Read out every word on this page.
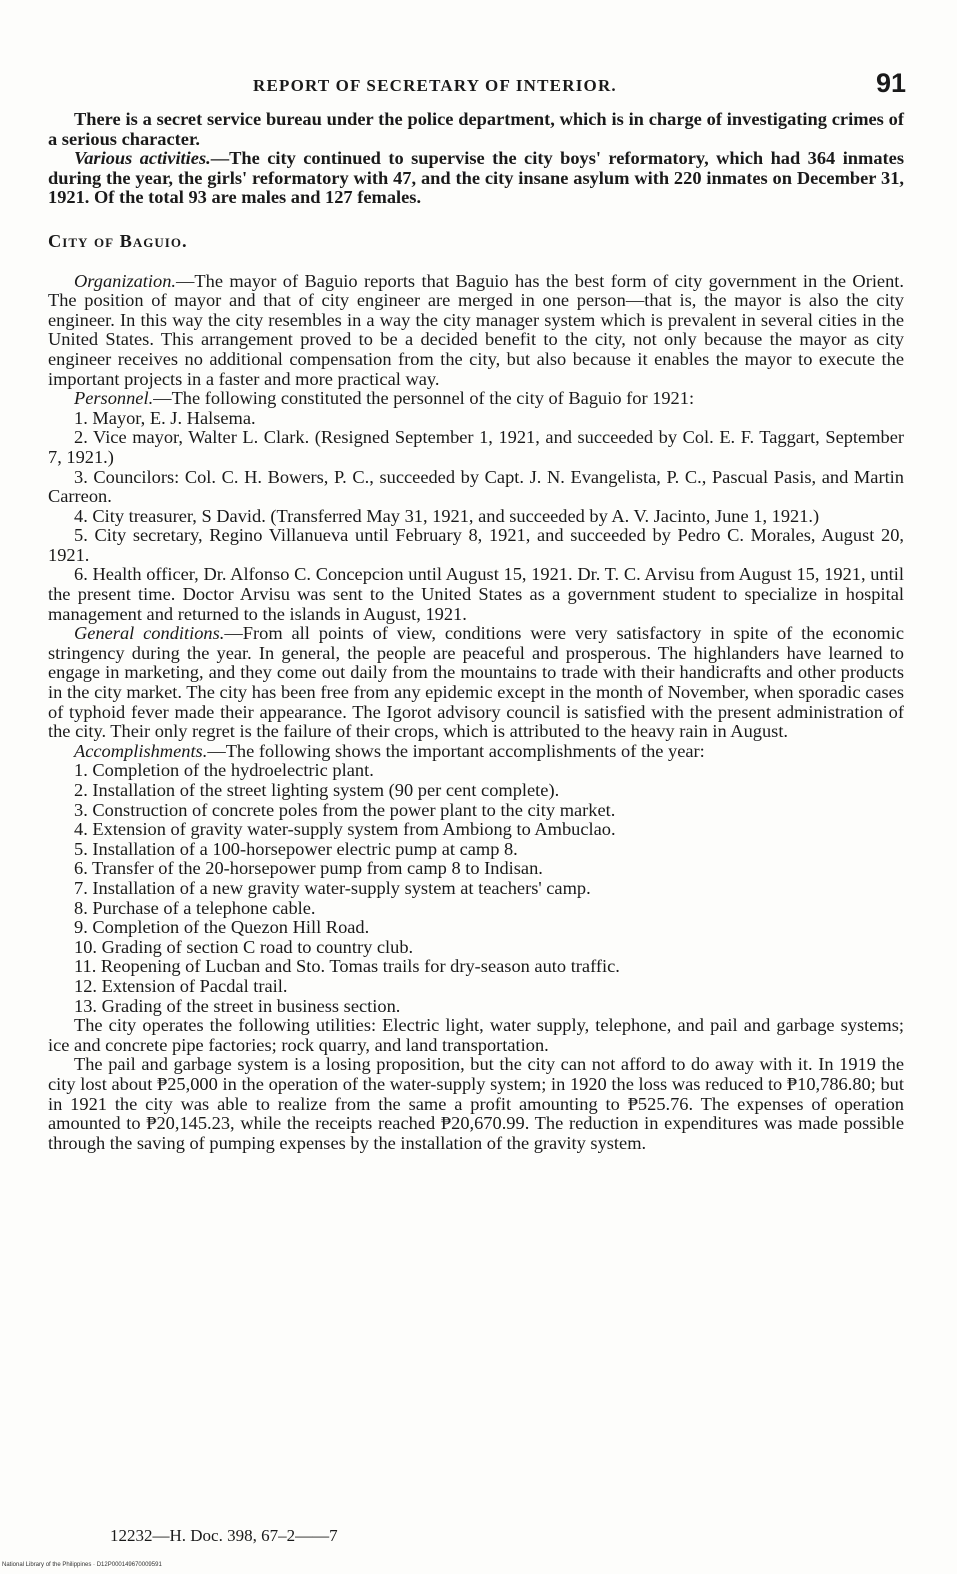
REPORT OF SECRETARY OF INTERIOR.	91

There is a secret service bureau under the police department, which is in charge of investigating crimes of a serious character.

Various activities.—The city continued to supervise the city boys' reformatory, which had 364 inmates during the year, the girls' reformatory with 47, and the city insane asylum with 220 inmates on December 31, 1921. Of the total 93 are males and 127 females.

City of Baguio.

Organization.—The mayor of Baguio reports that Baguio has the best form of city government in the Orient. The position of mayor and that of city engineer are merged in one person—that is, the mayor is also the city engineer. In this way the city resembles in a way the city manager system which is prevalent in several cities in the United States. This arrangement proved to be a decided benefit to the city, not only because the mayor as city engineer receives no additional compensation from the city, but also because it enables the mayor to execute the important projects in a faster and more practical way.

Personnel.—The following constituted the personnel of the city of Baguio for 1921:

1. Mayor, E. J. Halsema.

2. Vice mayor, Walter L. Clark. (Resigned September 1, 1921, and succeeded by Col. E. F. Taggart, September 7, 1921.)

3. Councilors: Col. C. H. Bowers, P. C., succeeded by Capt. J. N. Evangelista, P. C., Pascual Pasis, and Martin Carreon.

4. City treasurer, S David. (Transferred May 31, 1921, and succeeded by A. V. Jacinto, June 1, 1921.)

5. City secretary, Regino Villanueva until February 8, 1921, and succeeded by Pedro C. Morales, August 20, 1921.

6. Health officer, Dr. Alfonso C. Concepcion until August 15, 1921. Dr. T. C. Arvisu from August 15, 1921, until the present time. Doctor Arvisu was sent to the United States as a government student to specialize in hospital management and returned to the islands in August, 1921.

General conditions.—From all points of view, conditions were very satisfactory in spite of the economic stringency during the year. In general, the people are peaceful and prosperous. The highlanders have learned to engage in marketing, and they come out daily from the mountains to trade with their handicrafts and other products in the city market. The city has been free from any epidemic except in the month of November, when sporadic cases of typhoid fever made their appearance. The Igorot advisory council is satisfied with the present administration of the city. Their only regret is the failure of their crops, which is attributed to the heavy rain in August.

Accomplishments.—The following shows the important accomplishments of the year:

1. Completion of the hydroelectric plant.

2. Installation of the street lighting system (90 per cent complete).

3. Construction of concrete poles from the power plant to the city market.

4. Extension of gravity water-supply system from Ambiong to Ambuclao.

5. Installation of a 100-horsepower electric pump at camp 8.

6. Transfer of the 20-horsepower pump from camp 8 to Indisan.

7. Installation of a new gravity water-supply system at teachers' camp.

8. Purchase of a telephone cable.

9. Completion of the Quezon Hill Road.

10. Grading of section C road to country club.

11. Reopening of Lucban and Sto. Tomas trails for dry-season auto traffic.

12. Extension of Pacdal trail.

13. Grading of the street in business section.

The city operates the following utilities: Electric light, water supply, telephone, and pail and garbage systems; ice and concrete pipe factories; rock quarry, and land transportation.

The pail and garbage system is a losing proposition, but the city can not afford to do away with it. In 1919 the city lost about ₱25,000 in the operation of the water-supply system; in 1920 the loss was reduced to ₱10,786.80; but in 1921 the city was able to realize from the same a profit amounting to ₱525.76. The expenses of operation amounted to ₱20,145.23, while the receipts reached ₱20,670.99. The reduction in expenditures was made possible through the saving of pumping expenses by the installation of the gravity system.

12232—H. Doc. 398, 67–2——7
National Library of the Philippines · D12P000149670009591
